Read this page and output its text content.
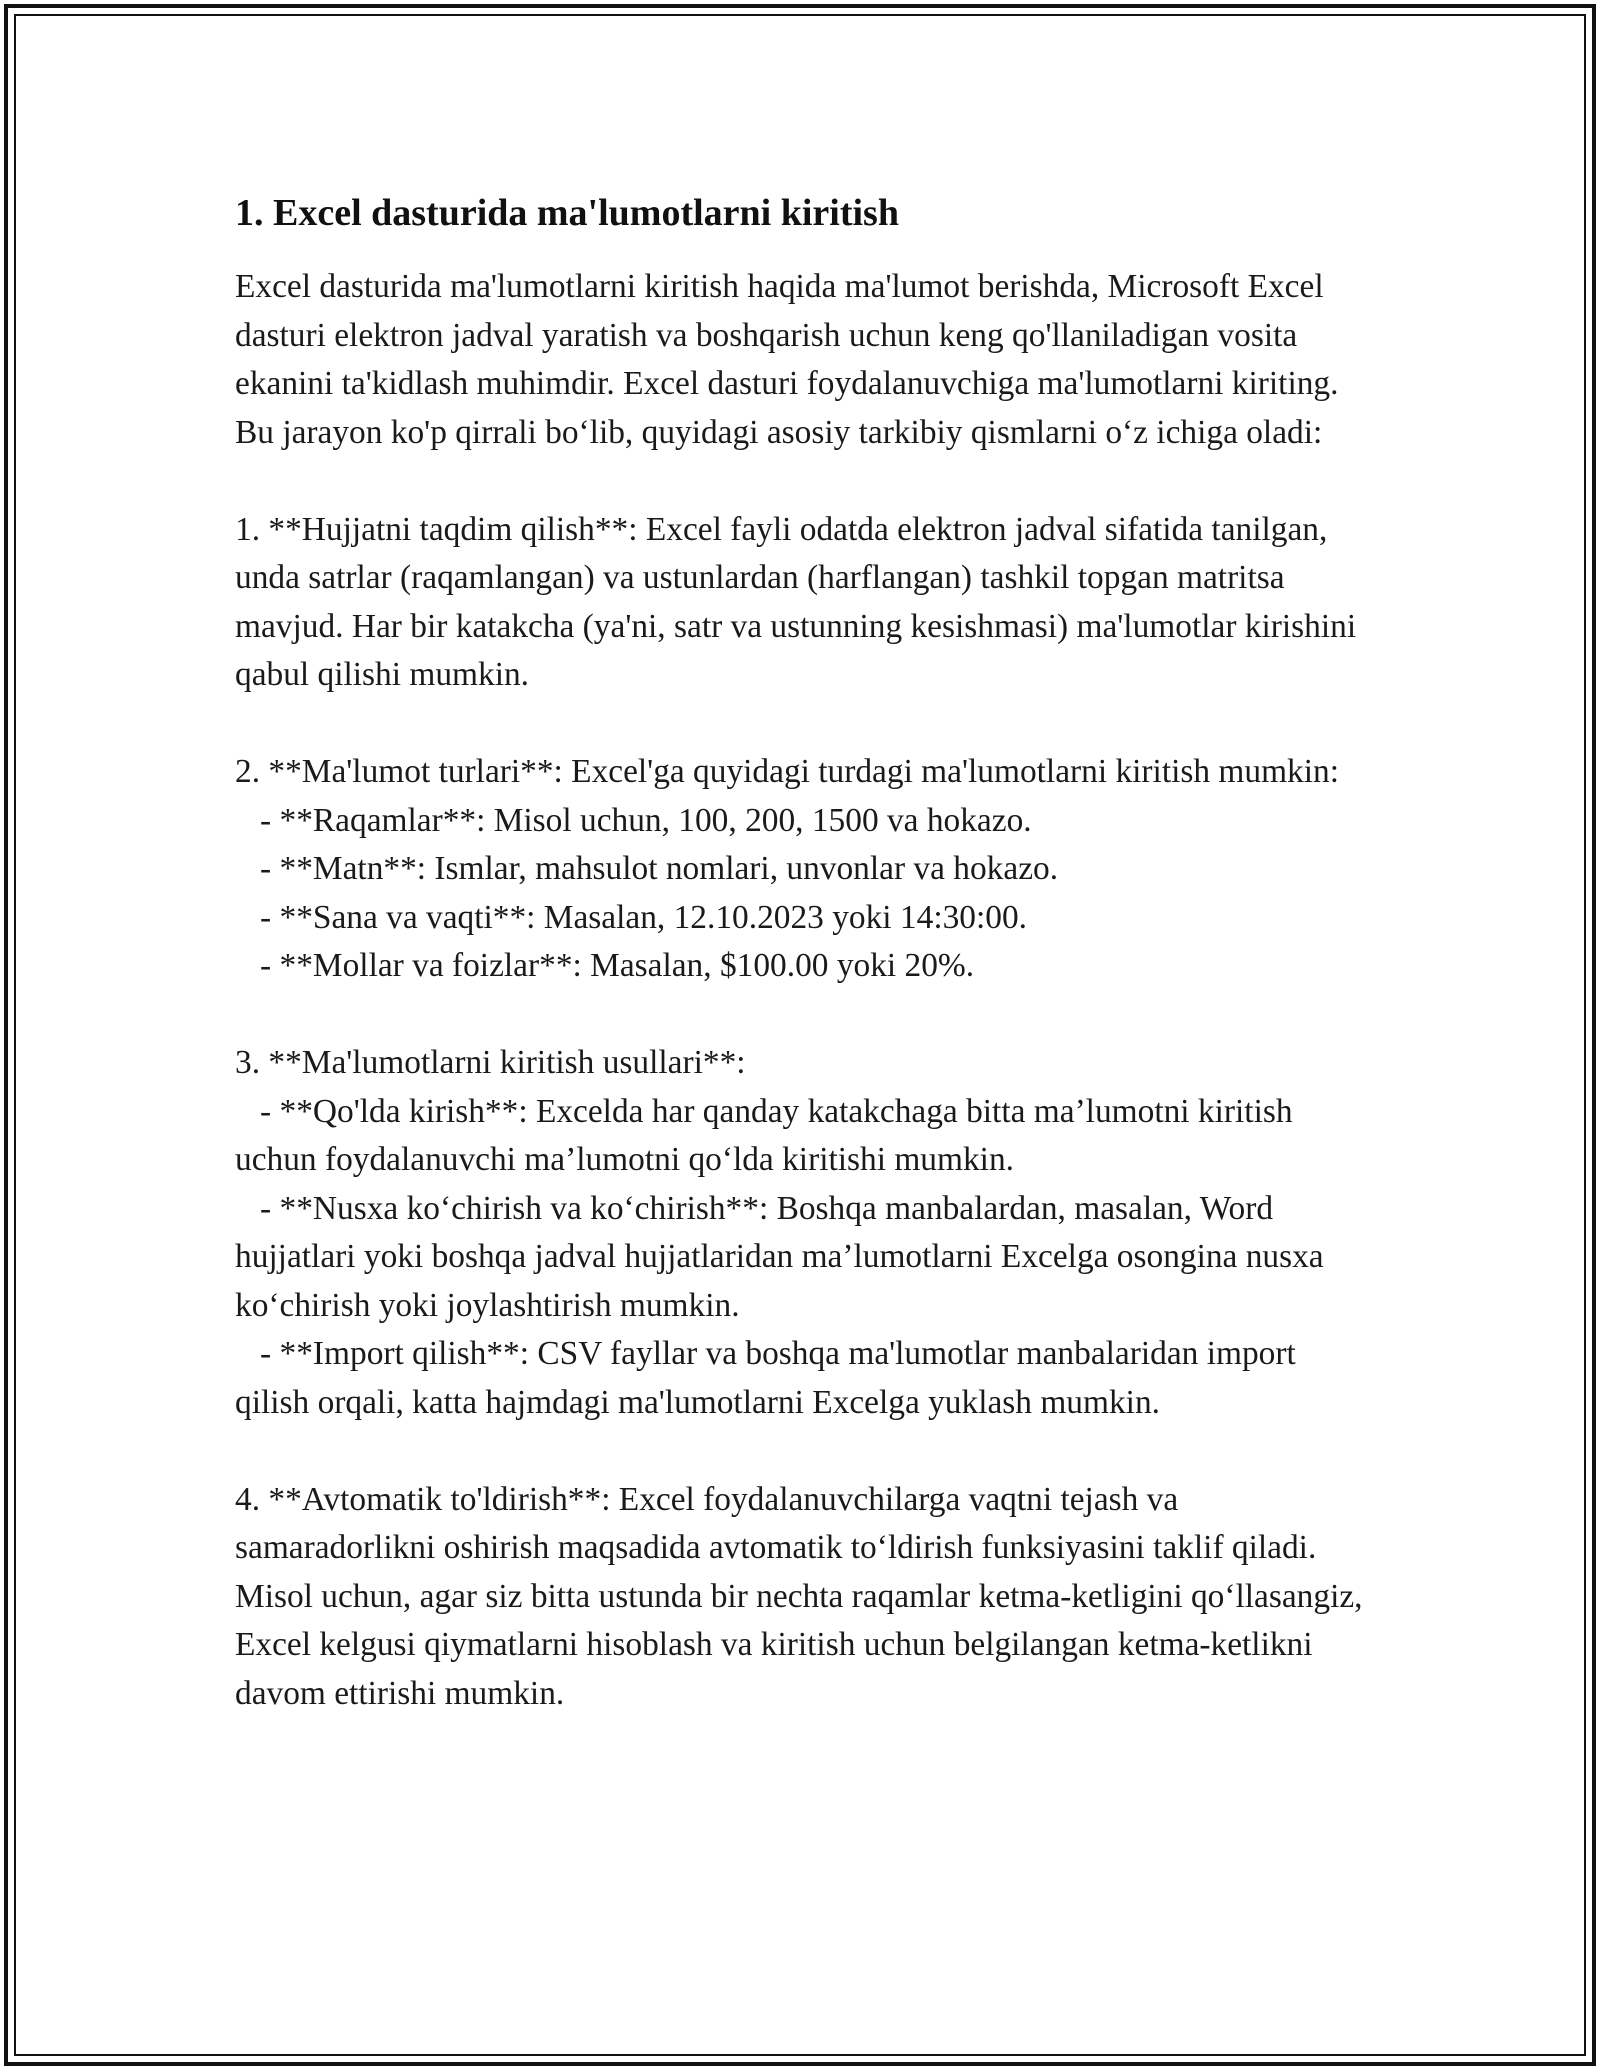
1. Excel dasturida ma'lumotlarni kiritish

Excel dasturida ma'lumotlarni kiritish haqida ma'lumot berishda, Microsoft Excel dasturi elektron jadval yaratish va boshqarish uchun keng qo'llaniladigan vosita ekanini ta'kidlash muhimdir. Excel dasturi foydalanuvchiga ma'lumotlarni kiriting. Bu jarayon ko'p qirrali bo‘lib, quyidagi asosiy tarkibiy qismlarni o‘z ichiga oladi:

1. **Hujjatni taqdim qilish**: Excel fayli odatda elektron jadval sifatida tanilgan, unda satrlar (raqamlangan) va ustunlardan (harflangan) tashkil topgan matritsa mavjud. Har bir katakcha (ya'ni, satr va ustunning kesishmasi) ma'lumotlar kirishini qabul qilishi mumkin.

2. **Ma'lumot turlari**: Excel'ga quyidagi turdagi ma'lumotlarni kiritish mumkin:

- **Raqamlar**: Misol uchun, 100, 200, 1500 va hokazo.

- **Matn**: Ismlar, mahsulot nomlari, unvonlar va hokazo.

- **Sana va vaqti**: Masalan, 12.10.2023 yoki 14:30:00.

- **Mollar va foizlar**: Masalan, $100.00 yoki 20%.

3. **Ma'lumotlarni kiritish usullari**:

- **Qo'lda kirish**: Excelda har qanday katakchaga bitta ma’lumotni kiritish uchun foydalanuvchi ma’lumotni qo‘lda kiritishi mumkin.

- **Nusxa ko‘chirish va ko‘chirish**: Boshqa manbalardan, masalan, Word hujjatlari yoki boshqa jadval hujjatlaridan ma’lumotlarni Excelga osongina nusxa ko‘chirish yoki joylashtirish mumkin.

- **Import qilish**: CSV fayllar va boshqa ma'lumotlar manbalaridan import qilish orqali, katta hajmdagi ma'lumotlarni Excelga yuklash mumkin.

4. **Avtomatik to'ldirish**: Excel foydalanuvchilarga vaqtni tejash va samaradorlikni oshirish maqsadida avtomatik to‘ldirish funksiyasini taklif qiladi. Misol uchun, agar siz bitta ustunda bir nechta raqamlar ketma-ketligini qo‘llasangiz, Excel kelgusi qiymatlarni hisoblash va kiritish uchun belgilangan ketma-ketlikni davom ettirishi mumkin.
